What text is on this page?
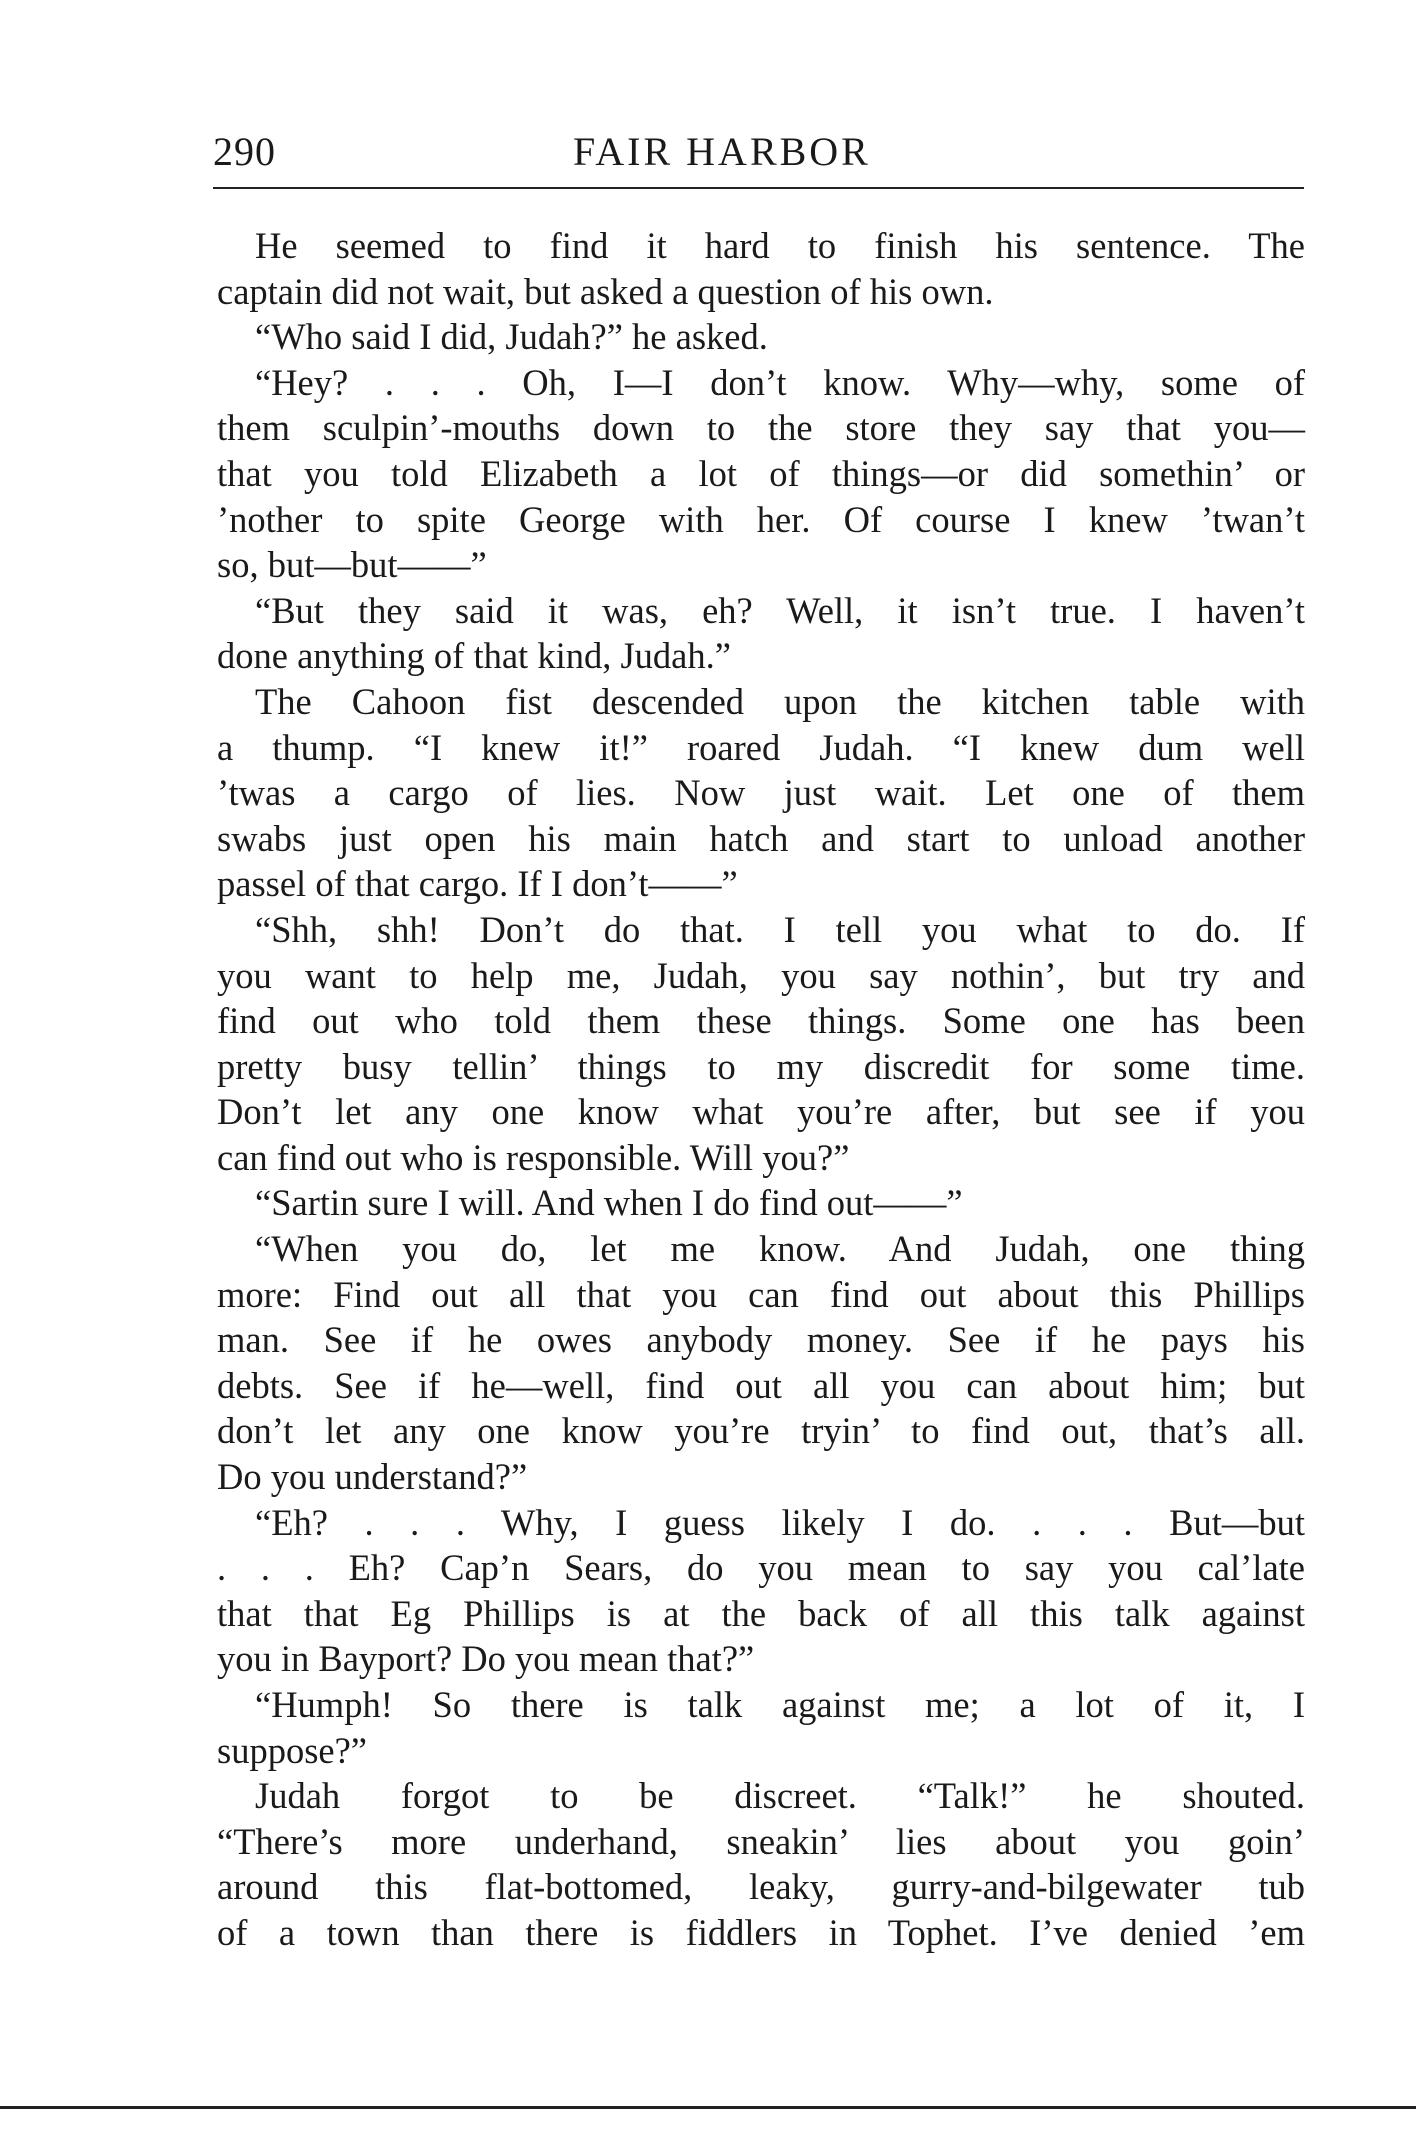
290	FAIR HARBOR
He seemed to find it hard to finish his sentence. The
captain did not wait, but asked a question of his own.
“Who said I did, Judah?” he asked.
“Hey? . . . Oh, I—I don’t know. Why—why, some of
them sculpin’-mouths down to the store they say that you—
that you told Elizabeth a lot of things—or did somethin’ or
’nother to spite George with her. Of course I knew ’twan’t
so, but—but——”
“But they said it was, eh? Well, it isn’t true. I haven’t
done anything of that kind, Judah.”
The Cahoon fist descended upon the kitchen table with
a thump. “I knew it!” roared Judah. “I knew dum well
’twas a cargo of lies. Now just wait. Let one of them
swabs just open his main hatch and start to unload another
passel of that cargo. If I don’t——”
“Shh, shh! Don’t do that. I tell you what to do. If
you want to help me, Judah, you say nothin’, but try and
find out who told them these things. Some one has been
pretty busy tellin’ things to my discredit for some time.
Don’t let any one know what you’re after, but see if you
can find out who is responsible. Will you?”
“Sartin sure I will. And when I do find out——”
“When you do, let me know. And Judah, one thing
more: Find out all that you can find out about this Phillips
man. See if he owes anybody money. See if he pays his
debts. See if he—well, find out all you can about him; but
don’t let any one know you’re tryin’ to find out, that’s all.
Do you understand?”
“Eh? . . . Why, I guess likely I do. . . . But—but
. . . Eh? Cap’n Sears, do you mean to say you cal’late
that that Eg Phillips is at the back of all this talk against
you in Bayport? Do you mean that?”
“Humph! So there is talk against me; a lot of it, I
suppose?”
Judah forgot to be discreet. “Talk!” he shouted.
“There’s more underhand, sneakin’ lies about you goin’
around this flat-bottomed, leaky, gurry-and-bilgewater tub
of a town than there is fiddlers in Tophet. I’ve denied ’em
